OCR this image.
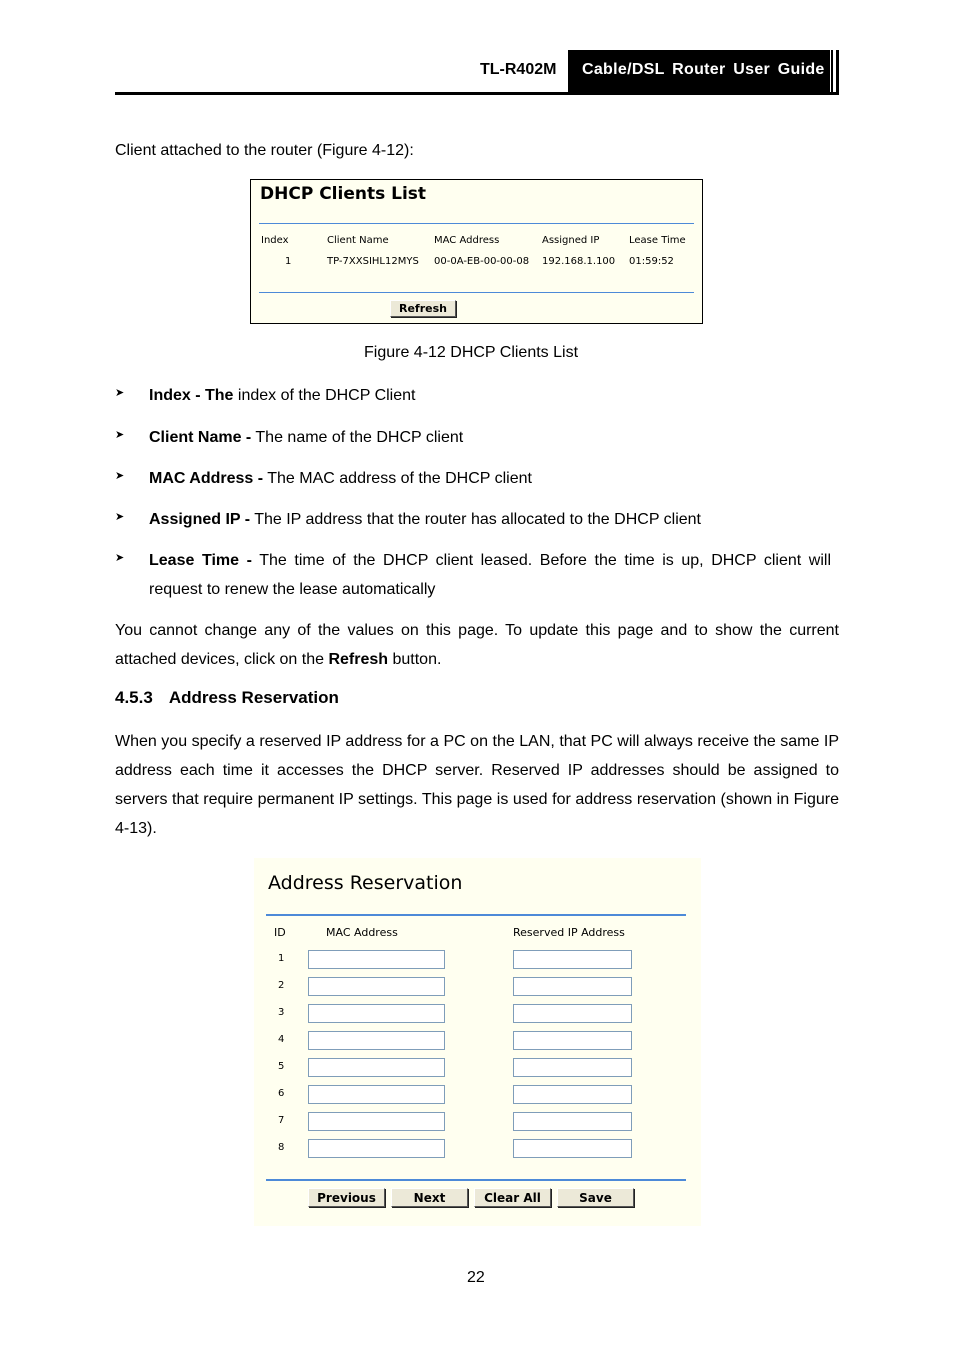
TL-R402M Cable/DSL Router User Guide
Client attached to the router (Figure 4-12):
DHCP Clients List
Index	Client Name	MAC Address	Assigned IP	Lease Time
1	TP-7XXSIHL12MYS 00-0A-EB-00-00-08 192.168.1.100 01:59:52
Refresh
Figure 4-12 DHCP Clients List
➤ Index - The index of the DHCP Client
➤ Client Name - The name of the DHCP client
➤ MAC Address - The MAC address of the DHCP client
➤ Assigned IP - The IP address that the router has allocated to the DHCP client
➤ Lease Time - The time of the DHCP client leased. Before the time is up, DHCP client will request to renew the lease automatically
You cannot change any of the values on this page. To update this page and to show the current attached devices, click on the Refresh button.
4.5.3 Address Reservation
When you specify a reserved IP address for a PC on the LAN, that PC will always receive the same IP address each time it accesses the DHCP server. Reserved IP addresses should be assigned to servers that require permanent IP settings. This page is used for address reservation (shown in Figure 4-13).
Address Reservation
ID	MAC Address	Reserved IP Address
1
2
3
4
5
6
7
8
Previous	Next	Clear All	Save
22
